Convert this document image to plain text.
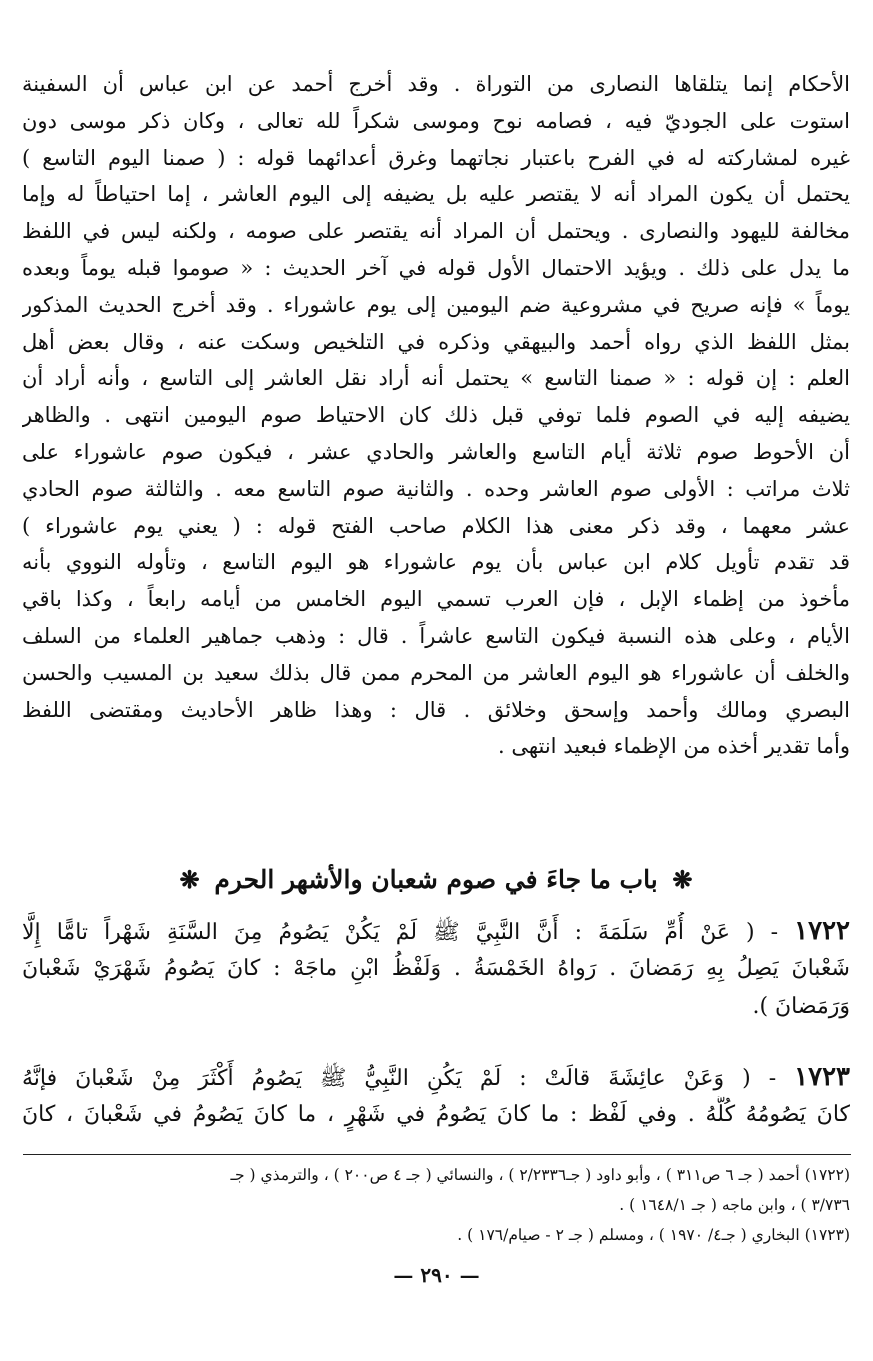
الأحكام إنما يتلقاها النصارى من التوراة . وقد أخرج أحمد عن ابن عباس أن السفينة
استوت على الجوديّ فيه ، فصامه نوح وموسى شكراً لله تعالى ، وكان ذكر موسى دون
غيره لمشاركته له في الفرح باعتبار نجاتهما وغرق أعدائهما قوله : ( صمنا اليوم التاسع )
يحتمل أن يكون المراد أنه لا يقتصر عليه بل يضيفه إلى اليوم العاشر ، إما احتياطاً له وإما
مخالفة لليهود والنصارى . ويحتمل أن المراد أنه يقتصر على صومه ، ولكنه ليس في اللفظ
ما يدل على ذلك . ويؤيد الاحتمال الأول قوله في آخر الحديث : « صوموا قبله يوماً وبعده
يوماً » فإنه صريح في مشروعية ضم اليومين إلى يوم عاشوراء . وقد أخرج الحديث المذكور
بمثل اللفظ الذي رواه أحمد والبيهقي وذكره في التلخيص وسكت عنه ، وقال بعض أهل
العلم : إن قوله : « صمنا التاسع » يحتمل أنه أراد نقل العاشر إلى التاسع ، وأنه أراد أن
يضيفه إليه في الصوم فلما توفي قبل ذلك كان الاحتياط صوم اليومين انتهى . والظاهر
أن الأحوط صوم ثلاثة أيام التاسع والعاشر والحادي عشر ، فيكون صوم عاشوراء على
ثلاث مراتب : الأولى صوم العاشر وحده . والثانية صوم التاسع معه . والثالثة صوم الحادي
عشر معهما ، وقد ذكر معنى هذا الكلام صاحب الفتح قوله : ( يعني يوم عاشوراء )
قد تقدم تأويل كلام ابن عباس بأن يوم عاشوراء هو اليوم التاسع ، وتأوله النووي بأنه
مأخوذ من إظماء الإبل ، فإن العرب تسمي اليوم الخامس من أيامه رابعاً ، وكذا باقي
الأيام ، وعلى هذه النسبة فيكون التاسع عاشراً . قال : وذهب جماهير العلماء من السلف
والخلف أن عاشوراء هو اليوم العاشر من المحرم ممن قال بذلك سعيد بن المسيب والحسن
البصري ومالك وأحمد وإسحق وخلائق . قال : وهذا ظاهر الأحاديث ومقتضى اللفظ
وأما تقدير أخذه من الإظماء فبعيد انتهى .
❋ باب ما جاءَ في صوم شعبان والأشهر الحرم ❋
١٧٢٢ - ( عَنْ أُمِّ سَلَمَةَ : أَنَّ النَّبِيَّ ﷺ لَمْ يَكُنْ يَصُومُ مِنَ السَّنَةِ شَهْراً تامًّا إِلَّا
شَعْبانَ يَصِلُ بِهِ رَمَضانَ . رَواهُ الخَمْسَةُ . وَلَفْظُ ابْنِ ماجَهْ : كانَ يَصُومُ شَهْرَيْ شَعْبانَ
وَرَمَضانَ ).
١٧٢٣ - ( وَعَنْ عائِشَةَ قالَتْ : لَمْ يَكُنِ النَّبِيُّ ﷺ يَصُومُ أَكْثَرَ مِنْ شَعْبانَ فإنَّهُ
كانَ يَصُومُهُ كُلَّهُ . وفي لَفْظ : ما كانَ يَصُومُ في شَهْرٍ ، ما كانَ يَصُومُ في شَعْبانَ ، كانَ
(١٧٢٢) أحمد ( جـ ٦ ص٣١١ ) ، وأبو داود ( جـ٢/٢٣٣٦ ) ، والنسائي ( جـ ٤ ص٢٠٠ ) ، والترمذي ( جـ
٣/٧٣٦ ) ، وابن ماجه ( جـ ١٦٤٨/١ ) .
(١٧٢٣) البخاري ( جـ٤/ ١٩٧٠ ) ، ومسلم ( جـ ٢ - صيام/١٧٦ ) .
— ٢٩٠ —
